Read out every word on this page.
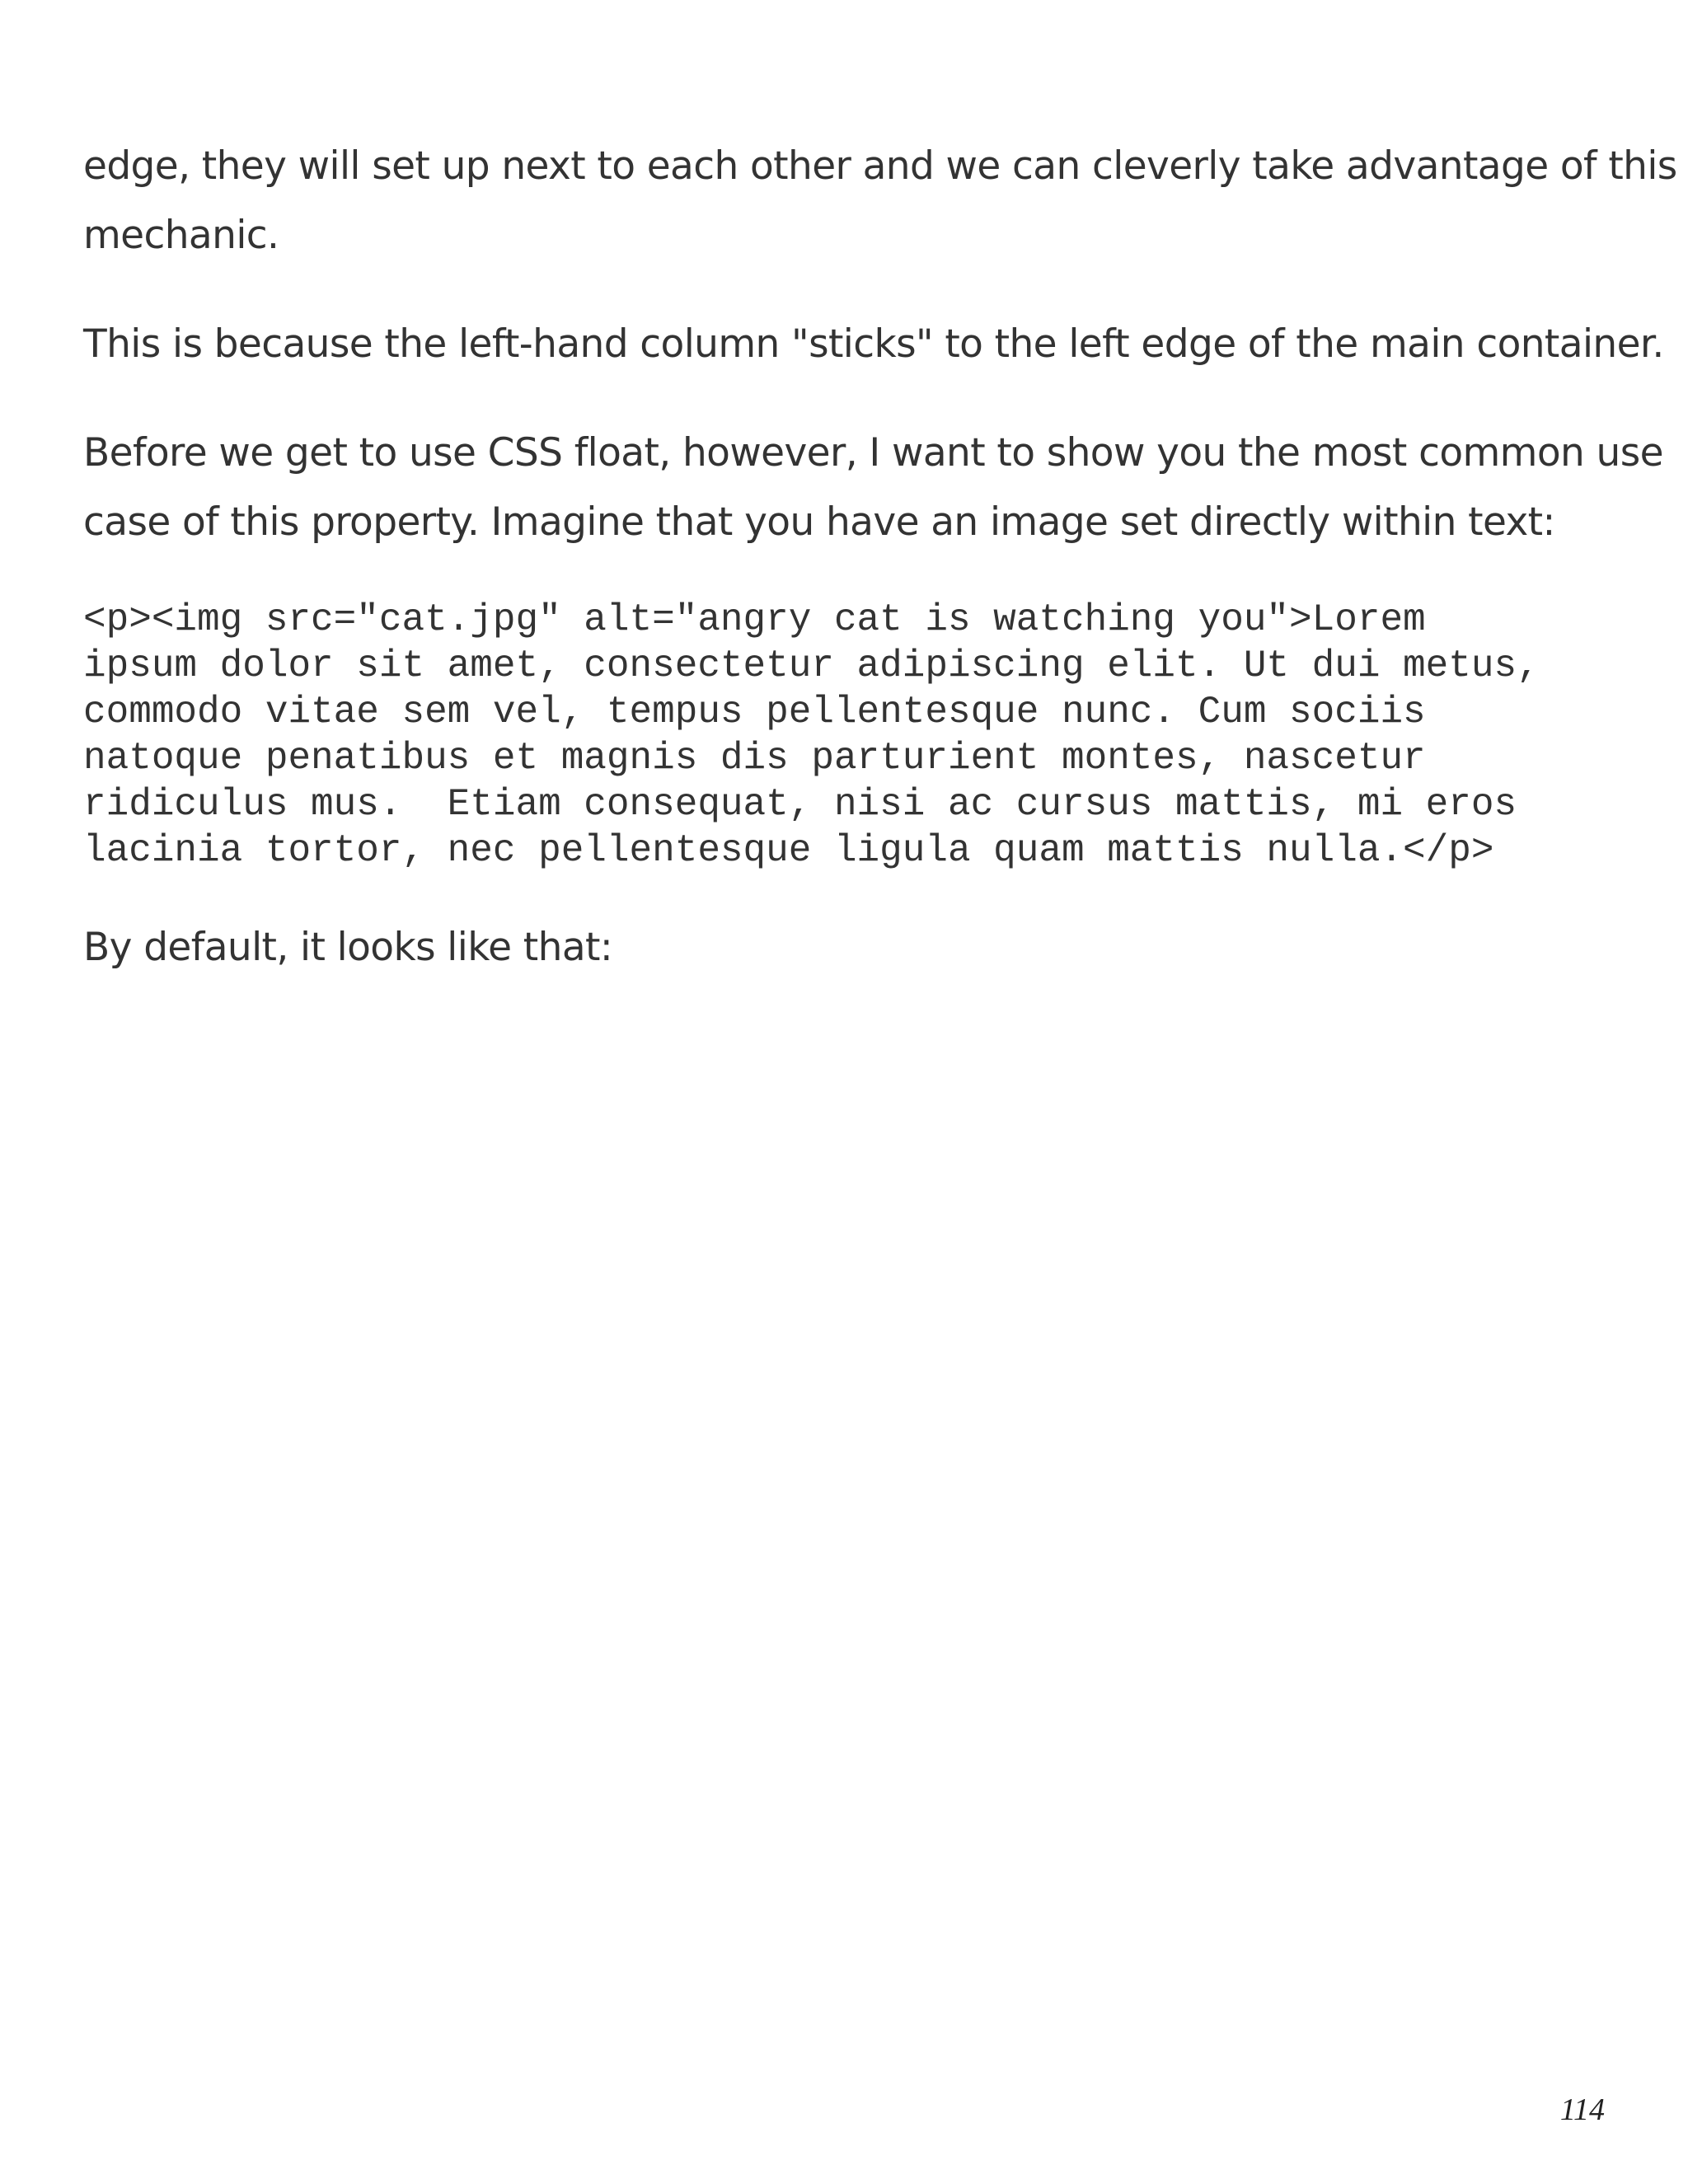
edge, they will set up next to each other and we can cleverly take advantage of this
mechanic.

This is because the left-hand column "sticks" to the left edge of the main container.

Before we get to use CSS float, however, I want to show you the most common use
case of this property. Imagine that you have an image set directly within text:

<p><img src="cat.jpg" alt="angry cat is watching you">Lorem
ipsum dolor sit amet, consectetur adipiscing elit. Ut dui metus,
commodo vitae sem vel, tempus pellentesque nunc. Cum sociis
natoque penatibus et magnis dis parturient montes, nascetur
ridiculus mus.  Etiam consequat, nisi ac cursus mattis, mi eros
lacinia tortor, nec pellentesque ligula quam mattis nulla.</p>

By default, it looks like that:

114
